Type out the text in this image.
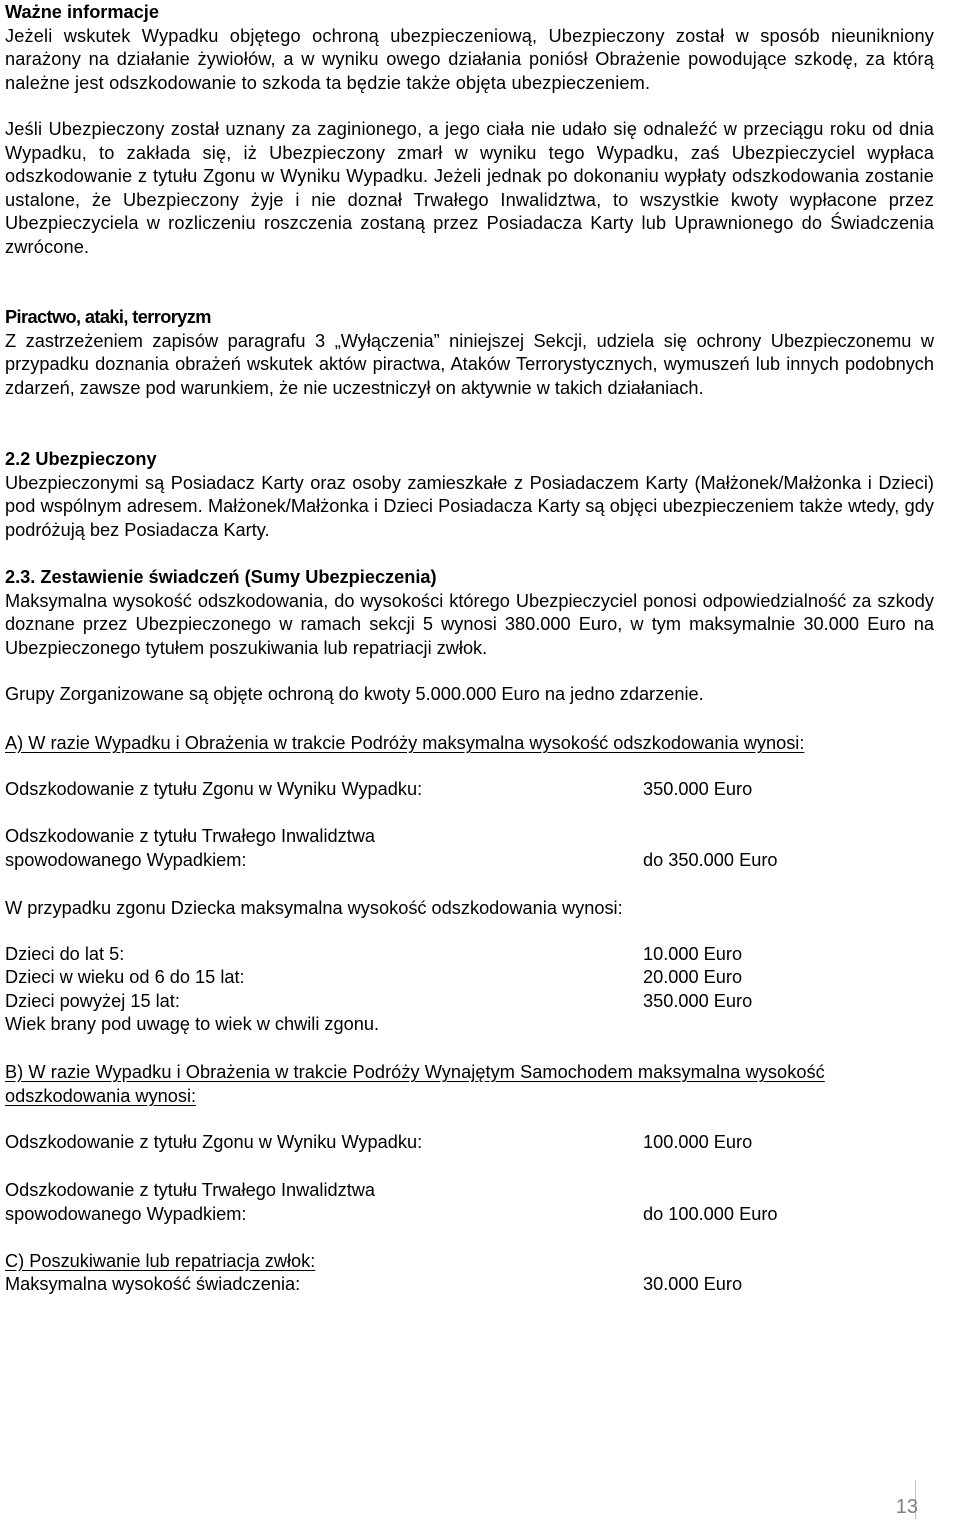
Ważne informacje

Jeżeli wskutek Wypadku objętego ochroną ubezpieczeniową, Ubezpieczony został w sposób nieunikniony narażony na działanie żywiołów, a w wyniku owego działania poniósł Obrażenie powodujące szkodę, za którą należne jest odszkodowanie to szkoda ta będzie także objęta ubezpieczeniem.

Jeśli Ubezpieczony został uznany za zaginionego, a jego ciała nie udało się odnaleźć w przeciągu roku od dnia Wypadku, to zakłada się, iż Ubezpieczony zmarł w wyniku tego Wypadku, zaś Ubezpieczyciel wypłaca odszkodowanie z tytułu Zgonu w Wyniku Wypadku. Jeżeli jednak po dokonaniu wypłaty odszkodowania zostanie ustalone, że Ubezpieczony żyje i nie doznał Trwałego Inwalidztwa, to wszystkie kwoty wypłacone przez Ubezpieczyciela w rozliczeniu roszczenia zostaną przez Posiadacza Karty lub Uprawnionego do Świadczenia zwrócone.

Piractwo, ataki, terroryzm

Z zastrzeżeniem zapisów paragrafu 3 „Wyłączenia” niniejszej Sekcji, udziela się ochrony Ubezpieczonemu w przypadku doznania obrażeń wskutek aktów piractwa, Ataków Terrorystycznych, wymuszeń lub innych podobnych zdarzeń, zawsze pod warunkiem, że nie uczestniczył on aktywnie w takich działaniach.

2.2 Ubezpieczony

Ubezpieczonymi są Posiadacz Karty oraz osoby zamieszkałe z Posiadaczem Karty (Małżonek/Małżonka i Dzieci) pod wspólnym adresem. Małżonek/Małżonka i Dzieci Posiadacza Karty są objęci ubezpieczeniem także wtedy, gdy podróżują bez Posiadacza Karty.

2.3. Zestawienie świadczeń (Sumy Ubezpieczenia)

Maksymalna wysokość odszkodowania, do wysokości którego Ubezpieczyciel ponosi odpowiedzialność za szkody doznane przez Ubezpieczonego w ramach sekcji 5 wynosi 380.000 Euro, w tym maksymalnie 30.000 Euro na Ubezpieczonego tytułem poszukiwania lub repatriacji zwłok.

Grupy Zorganizowane są objęte ochroną do kwoty 5.000.000 Euro na jedno zdarzenie.
A) W razie Wypadku i Obrażenia w trakcie Podróży maksymalna wysokość odszkodowania wynosi:
Odszkodowanie z tytułu Zgonu w Wyniku Wypadku:	350.000 Euro
Odszkodowanie z tytułu Trwałego Inwalidztwa
spowodowanego Wypadkiem:	do 350.000 Euro
W przypadku zgonu Dziecka maksymalna wysokość odszkodowania wynosi:
Dzieci do lat 5:	10.000 Euro
Dzieci w wieku od 6 do 15 lat:	20.000 Euro
Dzieci powyżej 15 lat:	350.000 Euro
Wiek brany pod uwagę to wiek w chwili zgonu.
B) W razie Wypadku i Obrażenia w trakcie Podróży Wynajętym Samochodem maksymalna wysokość
odszkodowania wynosi:
Odszkodowanie z tytułu Zgonu w Wyniku Wypadku:	100.000 Euro
Odszkodowanie z tytułu Trwałego Inwalidztwa
spowodowanego Wypadkiem:	do 100.000 Euro
C) Poszukiwanie lub repatriacja zwłok:
Maksymalna wysokość świadczenia:	30.000 Euro
13
